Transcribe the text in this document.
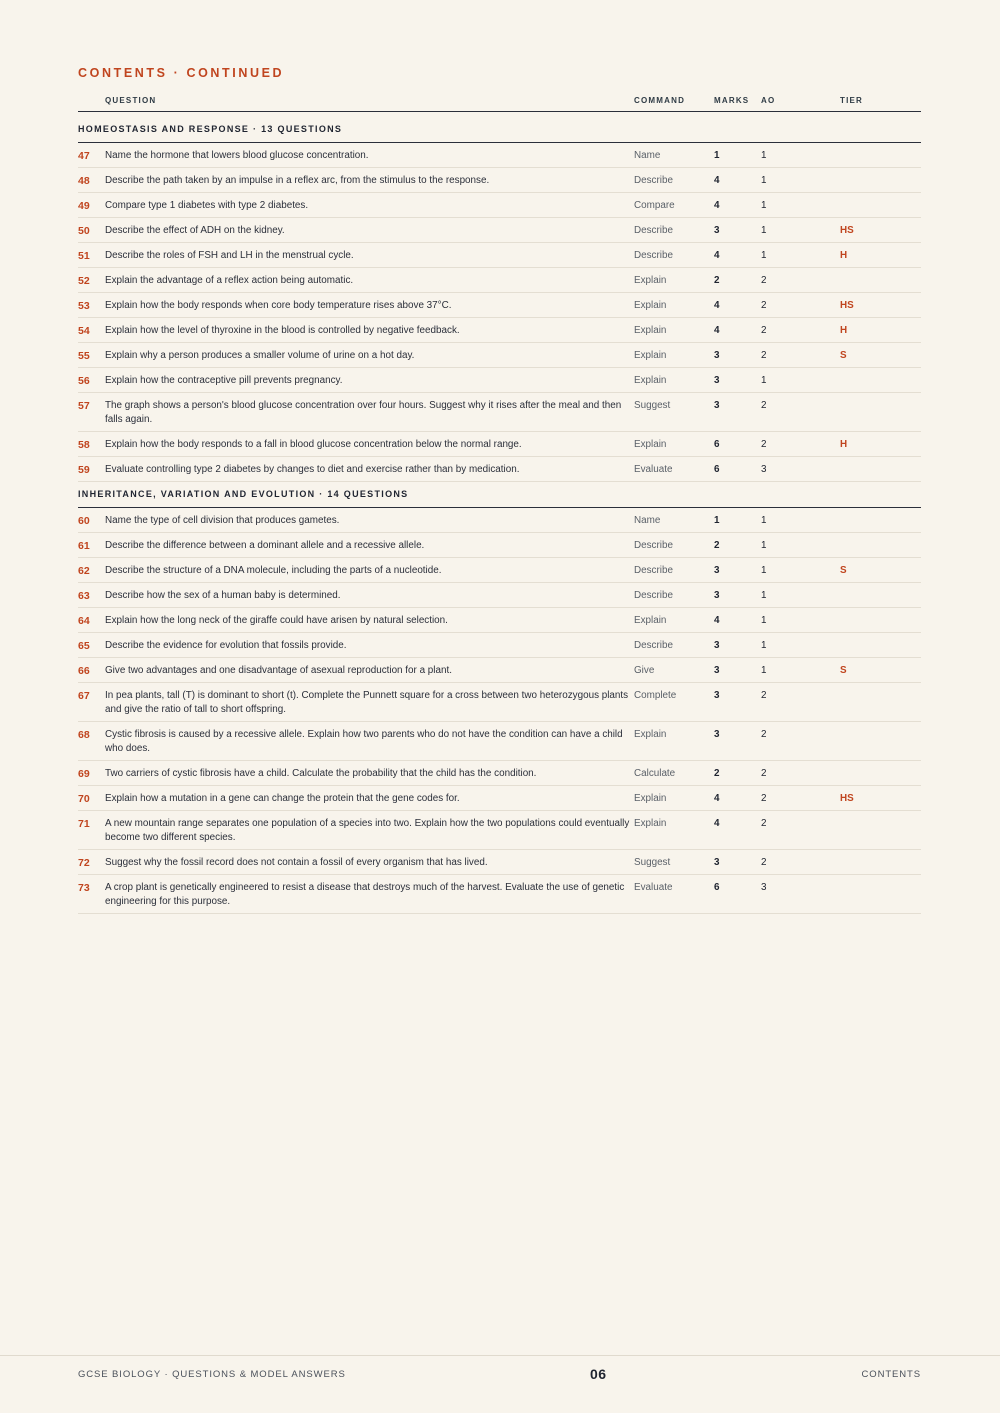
CONTENTS · CONTINUED
QUESTION	COMMAND	MARKS AO	TIER
HOMEOSTASIS AND RESPONSE · 13 QUESTIONS
47 Name the hormone that lowers blood glucose concentration.	Name	1	1
48 Describe the path taken by an impulse in a reflex arc, from the stimulus to the response.	Describe	4	1
49 Compare type 1 diabetes with type 2 diabetes.	Compare	4	1
50 Describe the effect of ADH on the kidney.	Describe	3	1	HS
51 Describe the roles of FSH and LH in the menstrual cycle.	Describe	4	1	H
52 Explain the advantage of a reflex action being automatic.	Explain	2	2
53 Explain how the body responds when core body temperature rises above 37°C.	Explain	4	2	HS
54 Explain how the level of thyroxine in the blood is controlled by negative feedback.	Explain	4	2	H
55 Explain why a person produces a smaller volume of urine on a hot day.	Explain	3	2	S
56 Explain how the contraceptive pill prevents pregnancy.	Explain	3	1
57 The graph shows a person's blood glucose concentration over four hours. Suggest why it rises after the meal and then falls again.
Suggest	3	2
58 Explain how the body responds to a fall in blood glucose concentration below the normal range.	Explain	6	2	H
59 Evaluate controlling type 2 diabetes by changes to diet and exercise rather than by medication.	Evaluate	6	3
INHERITANCE, VARIATION AND EVOLUTION · 14 QUESTIONS
60 Name the type of cell division that produces gametes.	Name	1	1
61 Describe the difference between a dominant allele and a recessive allele.	Describe	2	1
62 Describe the structure of a DNA molecule, including the parts of a nucleotide.	Describe	3	1	S
63 Describe how the sex of a human baby is determined.	Describe	3	1
64 Explain how the long neck of the giraffe could have arisen by natural selection.	Explain	4	1
65 Describe the evidence for evolution that fossils provide.	Describe	3	1
66 Give two advantages and one disadvantage of asexual reproduction for a plant.	Give	3	1	S
67 In pea plants, tall (T) is dominant to short (t). Complete the Punnett square for a cross between two heterozygous plants and give the ratio of tall to short offspring.
Complete	3	2
68 Cystic fibrosis is caused by a recessive allele. Explain how two parents who do not have the condition can have a child who does.
Explain	3	2
69 Two carriers of cystic fibrosis have a child. Calculate the probability that the child has the condition.	Calculate	2	2
70 Explain how a mutation in a gene can change the protein that the gene codes for.	Explain	4	2	HS
71 A new mountain range separates one population of a species into two. Explain how the two populations could eventually become two different species.
Explain	4	2
72 Suggest why the fossil record does not contain a fossil of every organism that has lived.	Suggest	3	2
73 A crop plant is genetically engineered to resist a disease that destroys much of the harvest. Evaluate the use of genetic engineering for this purpose.
Evaluate	6	3
GCSE BIOLOGY · QUESTIONS & MODEL ANSWERS	06	CONTENTS
